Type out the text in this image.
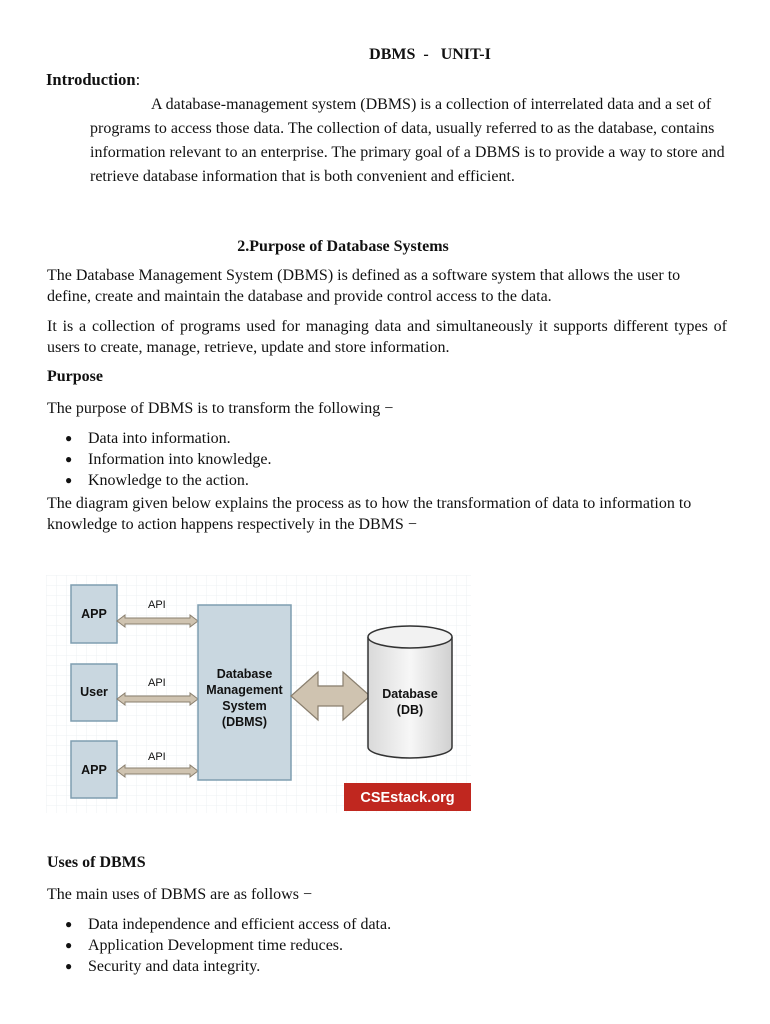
DBMS  -   UNIT-I
Introduction:
A database-management system (DBMS) is a collection of interrelated data and a set of programs to access those data. The collection of data, usually referred to as the database, contains information relevant to an enterprise. The primary goal of a DBMS is to provide a way to store and retrieve database information that is both convenient and efficient.
2.Purpose of Database Systems
The Database Management System (DBMS) is defined as a software system that allows the user to define, create and maintain the database and provide control access to the data.
It is a collection of programs used for managing data and simultaneously it supports different types of users to create, manage, retrieve, update and store information.
Purpose
The purpose of DBMS is to transform the following −
● Data into information.
● Information into knowledge.
● Knowledge to the action.
The diagram given below explains the process as to how the transformation of data to information to knowledge to action happens respectively in the DBMS −
APP
User
APP
API
API
API
Database
Management
System
(DBMS)
Database
(DB)
CSEstack.org
Uses of DBMS
The main uses of DBMS are as follows −
● Data independence and efficient access of data.
● Application Development time reduces.
● Security and data integrity.
